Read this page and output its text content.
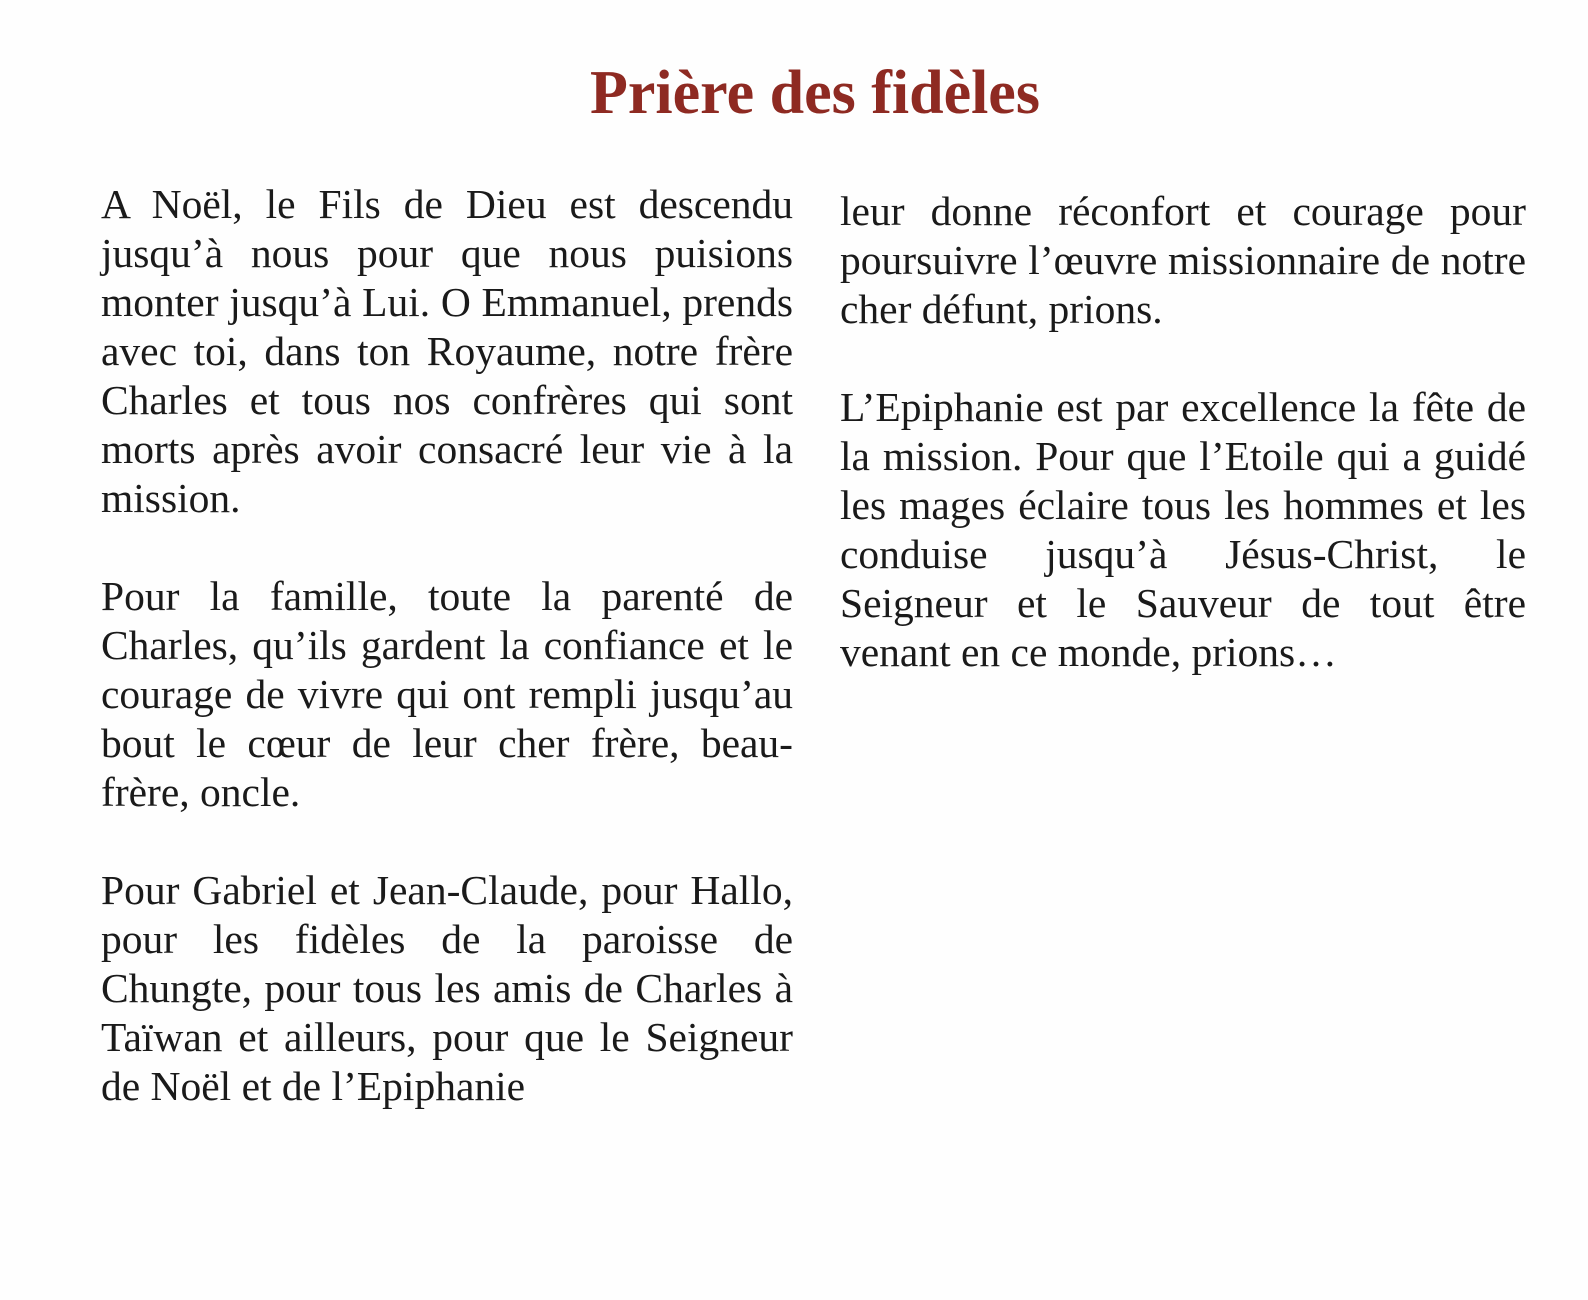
Prière des fidèles

A Noël, le Fils de Dieu est descendu jusqu’à nous pour que nous puisions monter jusqu’à Lui. O Emmanuel, prends avec toi, dans ton Royaume, notre frère Charles et tous nos confrères qui sont morts après avoir consacré leur vie à la mission.

Pour la famille, toute la parenté de Charles, qu’ils gardent la confiance et le courage de vivre qui ont rempli jusqu’au bout le cœur de leur cher frère, beau-frère, oncle.

Pour Gabriel et Jean-Claude, pour Hallo, pour les fidèles de la paroisse de Chungte, pour tous les amis de Charles à Taïwan et ailleurs, pour que le Seigneur de Noël et de l’Epiphanie

leur donne réconfort et courage pour poursuivre l’œuvre missionnaire de notre cher défunt, prions.

L’Epiphanie est par excellence la fête de la mission. Pour que l’Etoile qui a guidé les mages éclaire tous les hommes et les conduise jusqu’à Jésus-Christ, le Seigneur et le Sauveur de tout être venant en ce monde, prions…
